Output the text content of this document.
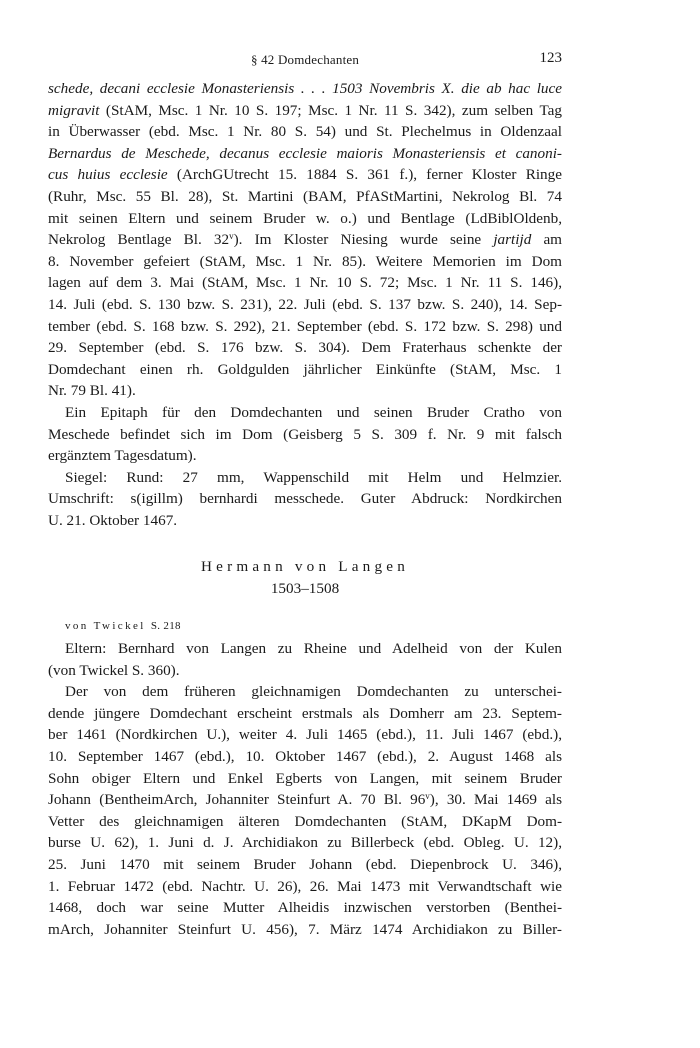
§ 42 Domdechanten	123
schede, decani ecclesie Monasteriensis . . . 1503 Novembris X. die ab hac luce
migravit (StAM, Msc. 1 Nr. 10 S. 197; Msc. 1 Nr. 11 S. 342), zum selben Tag
in Überwasser (ebd. Msc. 1 Nr. 80 S. 54) und St. Plechelmus in Oldenzaal
Bernardus de Meschede, decanus ecclesie maioris Monasteriensis et canoni-
cus huius ecclesie (ArchGUtrecht 15. 1884 S. 361 f.), ferner Kloster Ringe
(Ruhr, Msc. 55 Bl. 28), St. Martini (BAM, PfAStMartini, Nekrolog Bl. 74
mit seinen Eltern und seinem Bruder w. o.) und Bentlage (LdBiblOldenb,
Nekrolog Bentlage Bl. 32$^v$). Im Kloster Niesing wurde seine jartijd am
8. November gefeiert (StAM, Msc. 1 Nr. 85). Weitere Memorien im Dom
lagen auf dem 3. Mai (StAM, Msc. 1 Nr. 10 S. 72; Msc. 1 Nr. 11 S. 146),
14. Juli (ebd. S. 130 bzw. S. 231), 22. Juli (ebd. S. 137 bzw. S. 240), 14. Sep-
tember (ebd. S. 168 bzw. S. 292), 21. September (ebd. S. 172 bzw. S. 298) und
29. September (ebd. S. 176 bzw. S. 304). Dem Fraterhaus schenkte der
Domdechant einen rh. Goldgulden jährlicher Einkünfte (StAM, Msc. 1
Nr. 79 Bl. 41).
Ein Epitaph für den Domdechanten und seinen Bruder Cratho von
Meschede befindet sich im Dom (Geisberg 5 S. 309 f. Nr. 9 mit falsch
ergänztem Tagesdatum).
Siegel: Rund: 27 mm, Wappenschild mit Helm und Helmzier.
Umschrift: s(igillm) bernhardi messchede. Guter Abdruck: Nordkirchen
U. 21. Oktober 1467.
Hermann von Langen
1503–1508
von Twickel S. 218
Eltern: Bernhard von Langen zu Rheine und Adelheid von der Kulen
(von Twickel S. 360).
Der von dem früheren gleichnamigen Domdechanten zu unterschei-
dende jüngere Domdechant erscheint erstmals als Domherr am 23. Septem-
ber 1461 (Nordkirchen U.), weiter 4. Juli 1465 (ebd.), 11. Juli 1467 (ebd.),
10. September 1467 (ebd.), 10. Oktober 1467 (ebd.), 2. August 1468 als
Sohn obiger Eltern und Enkel Egberts von Langen, mit seinem Bruder
Johann (BentheimArch, Johanniter Steinfurt A. 70 Bl. 96$^v$), 30. Mai 1469 als
Vetter des gleichnamigen älteren Domdechanten (StAM, DKapM Dom-
burse U. 62), 1. Juni d. J. Archidiakon zu Billerbeck (ebd. Obleg. U. 12),
25. Juni 1470 mit seinem Bruder Johann (ebd. Diepenbrock U. 346),
1. Februar 1472 (ebd. Nachtr. U. 26), 26. Mai 1473 mit Verwandtschaft wie
1468, doch war seine Mutter Alheidis inzwischen verstorben (Benthei-
mArch, Johanniter Steinfurt U. 456), 7. März 1474 Archidiakon zu Biller-
